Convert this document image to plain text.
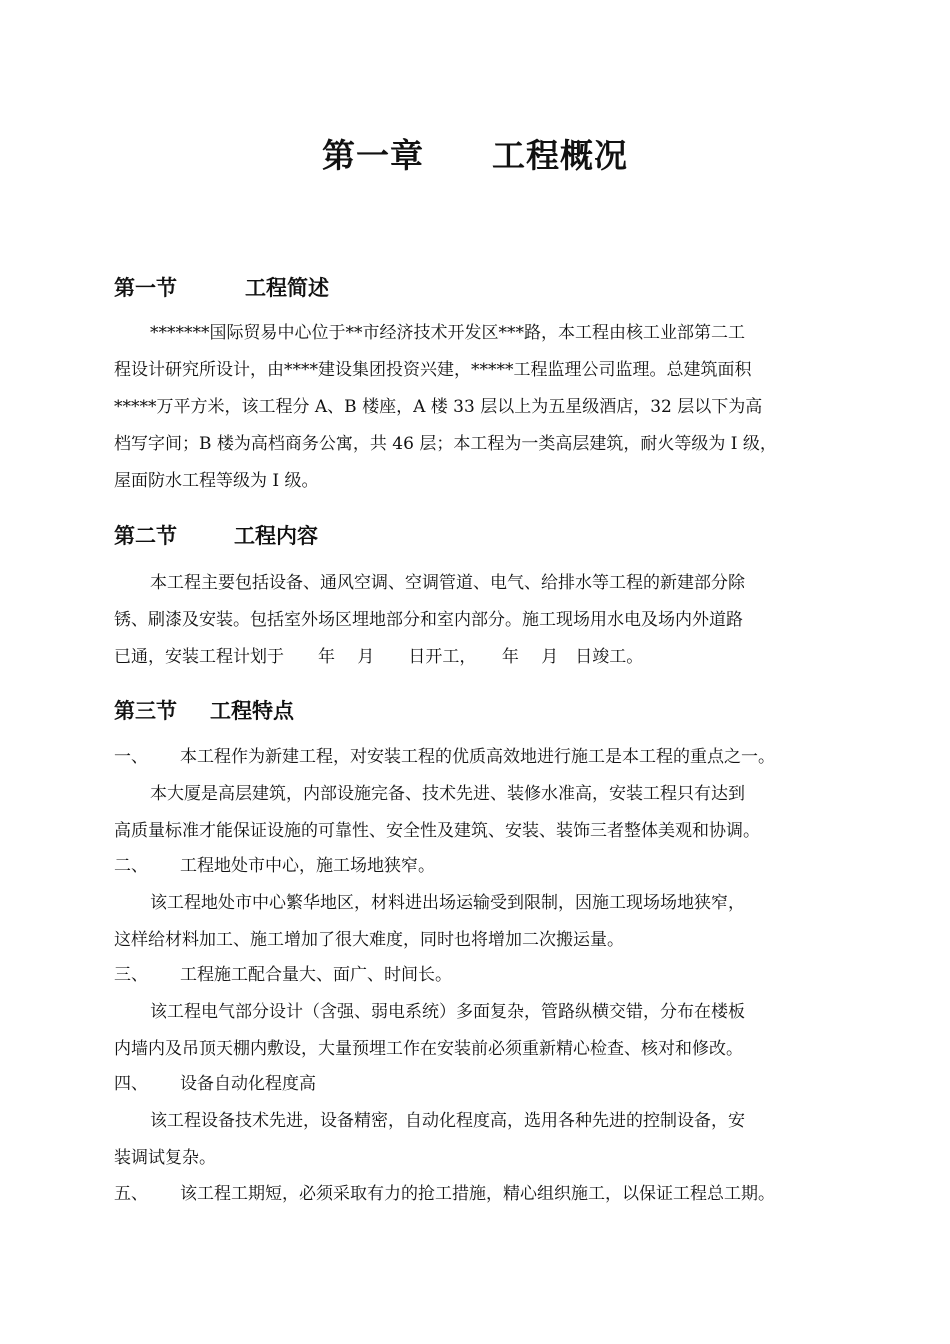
第一章　　工程概况
第一节	工程简述
*******国际贸易中心位于**市经济技术开发区***路，本工程由核工业部第二工
程设计研究所设计，由****建设集团投资兴建，*****工程监理公司监理。总建筑面积
*****万平方米，该工程分 A、B 楼座，A 楼 33 层以上为五星级酒店，32 层以下为高
档写字间；B 楼为高档商务公寓，共 46 层；本工程为一类高层建筑，耐火等级为 I 级，
屋面防水工程等级为 I 级。
第二节	工程内容
本工程主要包括设备、通风空调、空调管道、电气、给排水等工程的新建部分除
锈、刷漆及安装。包括室外场区埋地部分和室内部分。施工现场用水电及场内外道路
已通，安装工程计划于　　年　 月　　日开工，　　年　 月　日竣工。
第三节 工程特点
一、 本工程作为新建工程，对安装工程的优质高效地进行施工是本工程的重点之一。
本大厦是高层建筑，内部设施完备、技术先进、装修水准高，安装工程只有达到
高质量标准才能保证设施的可靠性、安全性及建筑、安装、装饰三者整体美观和协调。
二、 工程地处市中心，施工场地狭窄。
该工程地处市中心繁华地区，材料进出场运输受到限制，因施工现场场地狭窄，
这样给材料加工、施工增加了很大难度，同时也将增加二次搬运量。
三、 工程施工配合量大、面广、时间长。
该工程电气部分设计（含强、弱电系统）多面复杂，管路纵横交错，分布在楼板
内墙内及吊顶天棚内敷设，大量预埋工作在安装前必须重新精心检查、核对和修改。
四、 设备自动化程度高
该工程设备技术先进，设备精密，自动化程度高，选用各种先进的控制设备，安
装调试复杂。
五、 该工程工期短，必须采取有力的抢工措施，精心组织施工，以保证工程总工期。
